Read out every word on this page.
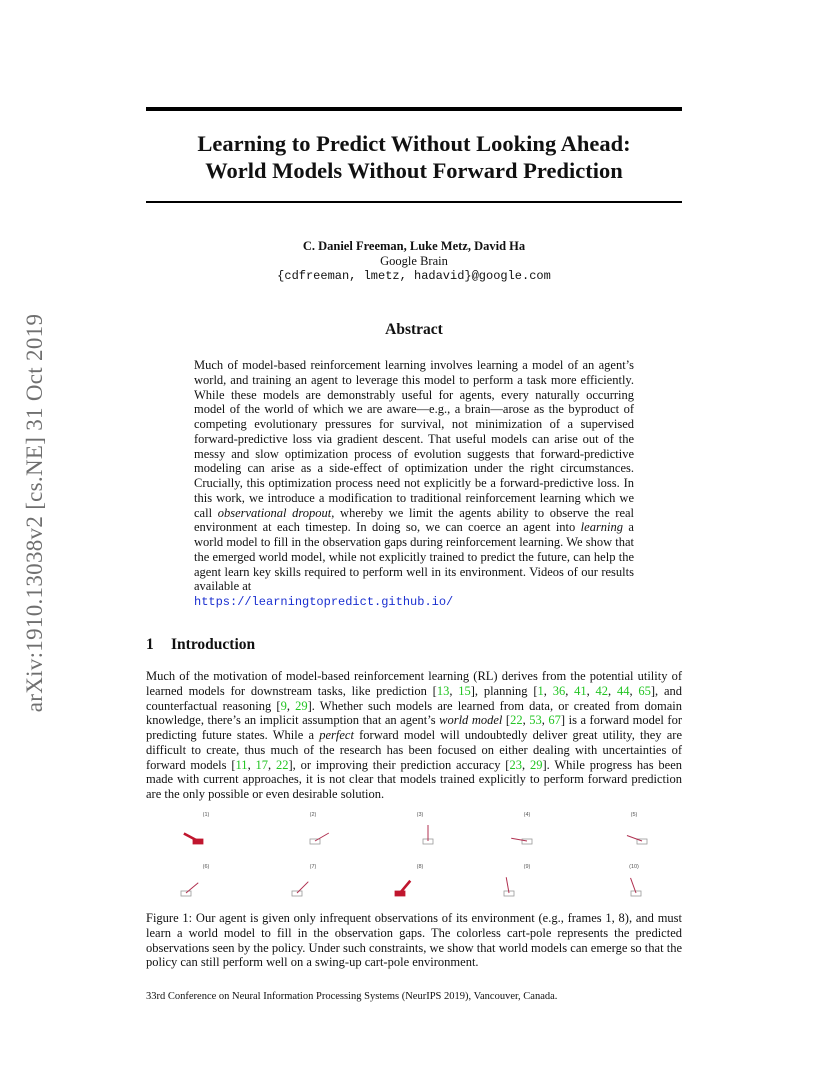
arXiv:1910.13038v2 [cs.NE] 31 Oct 2019
Learning to Predict Without Looking Ahead:
World Models Without Forward Prediction
C. Daniel Freeman, Luke Metz, David Ha
Google Brain
{cdfreeman, lmetz, hadavid}@google.com
Abstract
Much of model-based reinforcement learning involves learning a model of an agent’s world, and training an agent to leverage this model to perform a task more efficiently. While these models are demonstrably useful for agents, every naturally occurring model of the world of which we are aware—e.g., a brain—arose as the byproduct of competing evolutionary pressures for survival, not minimization of a supervised forward-predictive loss via gradient descent. That useful models can arise out of the messy and slow optimization process of evolution suggests that forward-predictive modeling can arise as a side-effect of optimization under the right circumstances. Crucially, this optimization process need not explicitly be a forward-predictive loss. In this work, we introduce a modification to traditional reinforcement learning which we call observational dropout, whereby we limit the agents ability to observe the real environment at each timestep. In doing so, we can coerce an agent into learning a world model to fill in the observation gaps during reinforcement learning. We show that the emerged world model, while not explicitly trained to predict the future, can help the agent learn key skills required to perform well in its environment. Videos of our results available at
https://learningtopredict.github.io/
1 Introduction
Much of the motivation of model-based reinforcement learning (RL) derives from the potential utility of learned models for downstream tasks, like prediction [13, 15], planning [1, 36, 41, 42, 44, 65], and counterfactual reasoning [9, 29]. Whether such models are learned from data, or created from domain knowledge, there’s an implicit assumption that an agent’s world model [22, 53, 67] is a forward model for predicting future states. While a perfect forward model will undoubtedly deliver great utility, they are difficult to create, thus much of the research has been focused on either dealing with uncertainties of forward models [11, 17, 22], or improving their prediction accuracy [23, 29]. While progress has been made with current approaches, it is not clear that models trained explicitly to perform forward prediction are the only possible or even desirable solution.
(1)	(2)	(3)	(4)	(5)
(6)	(7)	(8)	(9)	(10)
Figure 1: Our agent is given only infrequent observations of its environment (e.g., frames 1, 8), and must learn a world model to fill in the observation gaps. The colorless cart-pole represents the predicted observations seen by the policy. Under such constraints, we show that world models can emerge so that the policy can still perform well on a swing-up cart-pole environment.
33rd Conference on Neural Information Processing Systems (NeurIPS 2019), Vancouver, Canada.
